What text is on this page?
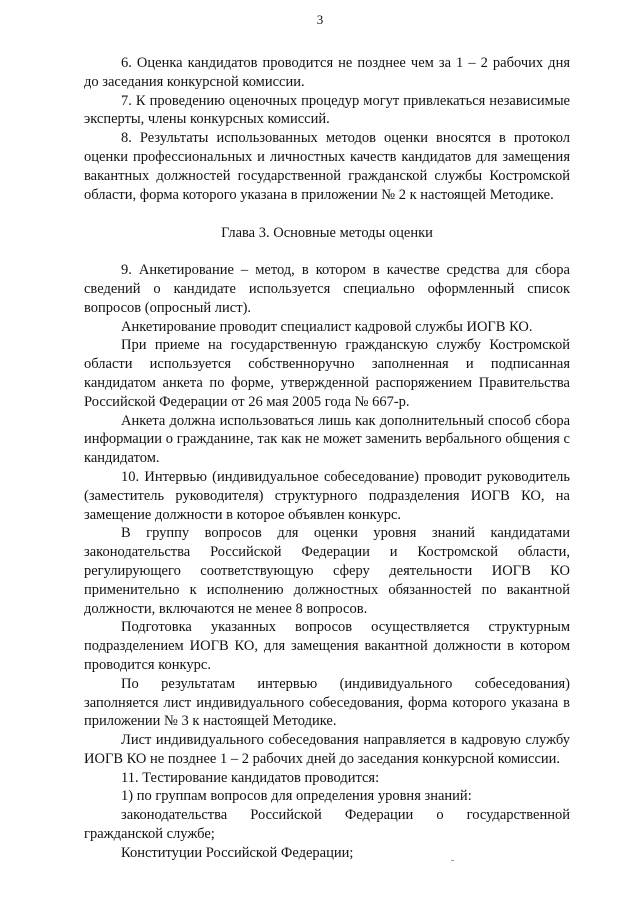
3

6. Оценка кандидатов проводится не позднее чем за 1 – 2 рабочих дня до заседания конкурсной комиссии.

7. К проведению оценочных процедур могут привлекаться независимые эксперты, члены конкурсных комиссий.

8. Результаты использованных методов оценки вносятся в протокол оценки профессиональных и личностных качеств кандидатов для замещения вакантных должностей государственной гражданской службы Костромской области, форма которого указана в приложении № 2 к настоящей Методике.

Глава 3. Основные методы оценки

9. Анкетирование – метод, в котором в качестве средства для сбора сведений о кандидате используется специально оформленный список вопросов (опросный лист).

Анкетирование проводит специалист кадровой службы ИОГВ КО.

При приеме на государственную гражданскую службу Костромской области используется собственноручно заполненная и подписанная кандидатом анкета по форме, утвержденной распоряжением Правительства Российской Федерации от 26 мая 2005 года № 667-р.

Анкета должна использоваться лишь как дополнительный способ сбора информации о гражданине, так как не может заменить вербального общения с кандидатом.

10. Интервью (индивидуальное собеседование) проводит руководитель (заместитель руководителя) структурного подразделения ИОГВ КО, на замещение должности в которое объявлен конкурс.

В группу вопросов для оценки уровня знаний кандидатами законодательства Российской Федерации и Костромской области, регулирующего соответствующую сферу деятельности ИОГВ КО применительно к исполнению должностных обязанностей по вакантной должности, включаются не менее 8 вопросов.

Подготовка указанных вопросов осуществляется структурным подразделением ИОГВ КО, для замещения вакантной должности в котором проводится конкурс.

По результатам интервью (индивидуального собеседования) заполняется лист индивидуального собеседования, форма которого указана в приложении № 3 к настоящей Методике.

Лист индивидуального собеседования направляется в кадровую службу ИОГВ КО не позднее 1 – 2 рабочих дней до заседания конкурсной комиссии.

11. Тестирование кандидатов проводится:

1) по группам вопросов для определения уровня знаний:

законодательства Российской Федерации о государственной гражданской службе;

Конституции Российской Федерации;
